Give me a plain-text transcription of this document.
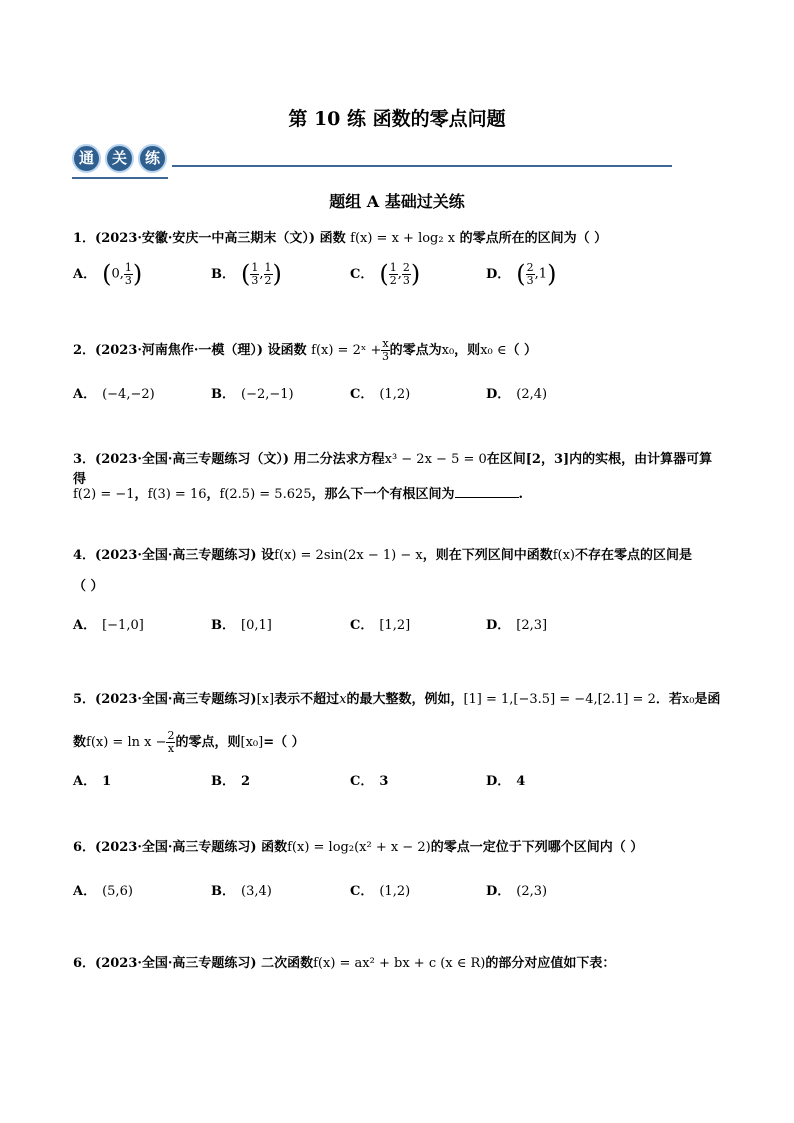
第 10 练 函数的零点问题
通	关	练
题组 A 基础过关练
1．(2023·安徽·安庆一中高三期末（文）) 函数 f(x) = x + log₂ x 的零点所在的区间为（ ）
A． (0, $\frac{1}{3}$ )	B． ( $\frac{1}{3}$ , $\frac{1}{2}$ )	C． ( $\frac{1}{2}$ , $\frac{2}{3}$ )	D． ( $\frac{2}{3} ,1$)
2．(2023·河南焦作·一模（理）) 设函数 f(x) = 2ˣ + $\frac{x}{3}$ 的零点为x₀，则x₀ ∈（ ）
A． (−4,−2)	B． (−2,−1)	C． (1,2)	D． (2,4)
3．(2023·全国·高三专题练习（文）) 用二分法求方程x³ − 2x − 5 = 0在区间[2，3]内的实根，由计算器可算得
f(2) = −1，f(3) = 16，f(2.5) = 5.625，那么下一个有根区间为	.
4．(2023·全国·高三专题练习) 设f(x) = 2sin(2x − 1) − x，则在下列区间中函数f(x)不存在零点的区间是
（ ）
A． [−1,0]	B． [0,1]	C． [1,2]	D． [2,3]
5．(2023·全国·高三专题练习)[x]表示不超过x的最大整数，例如，[1] = 1,[−3.5] = −4,[2.1] = 2．若x₀是函
数$f(x) = \ln x - \frac{2}{x}$ 的零点，则[x₀]=（ ）
A． 1	B． 2	C． 3	D． 4
6．(2023·全国·高三专题练习) 函数f(x) = log₂(x² + x − 2)的零点一定位于下列哪个区间内（ ）
A． (5,6)	B． (3,4)	C． (1,2)	D． (2,3)
6．(2023·全国·高三专题练习) 二次函数f(x) = ax² + bx + c (x ∈ R)的部分对应值如下表：
